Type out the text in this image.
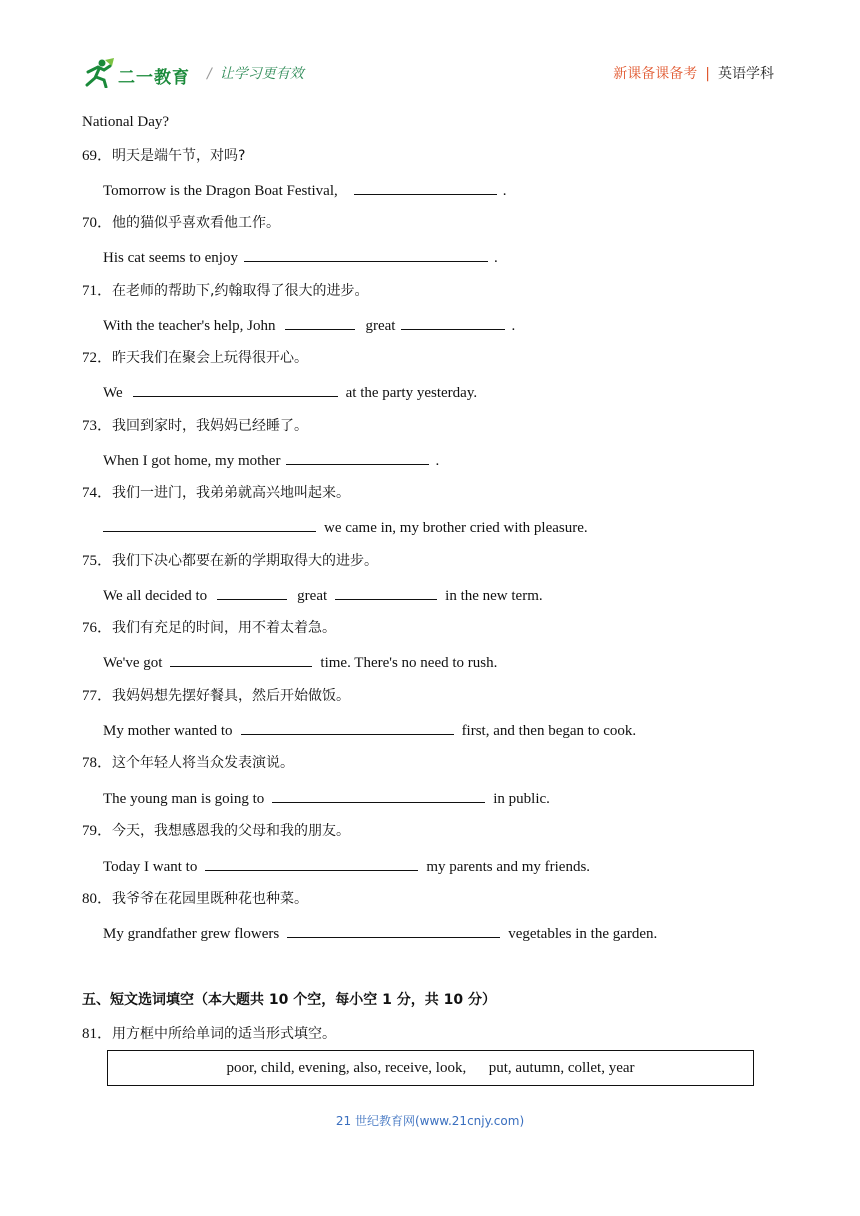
二一教育 / 让学习更有效	新课备课备考 | 英语学科
National Day?
69．明天是端午节，对吗?
Tomorrow is the Dragon Boat Festival,	.
70．他的猫似乎喜欢看他工作。
His cat seems to enjoy	.
71．在老师的帮助下,约翰取得了很大的进步。
With the teacher's help, John	great	.
72．昨天我们在聚会上玩得很开心。
We	at the party yesterday.
73．我回到家时，我妈妈已经睡了。
When I got home, my mother	.
74．我们一进门，我弟弟就高兴地叫起来。
we came in, my brother cried with pleasure.
75．我们下决心都要在新的学期取得大的进步。
We all decided to	great	in the new term.
76．我们有充足的时间，用不着太着急。
We've got	time. There's no need to rush.
77．我妈妈想先摆好餐具，然后开始做饭。
My mother wanted to	first, and then began to cook.
78．这个年轻人将当众发表演说。
The young man is going to	in public.
79．今天，我想感恩我的父母和我的朋友。
Today I want to	my parents and my friends.
80．我爷爷在花园里既种花也种菜。
My grandfather grew flowers	vegetables in the garden.
五、短文选词填空（本大题共 10 个空，每小空 1 分，共 10 分）
81．用方框中所给单词的适当形式填空。
poor, child, evening, also, receive, look,      put, autumn, collet, year
21 世纪教育网(www.21cnjy.com)
